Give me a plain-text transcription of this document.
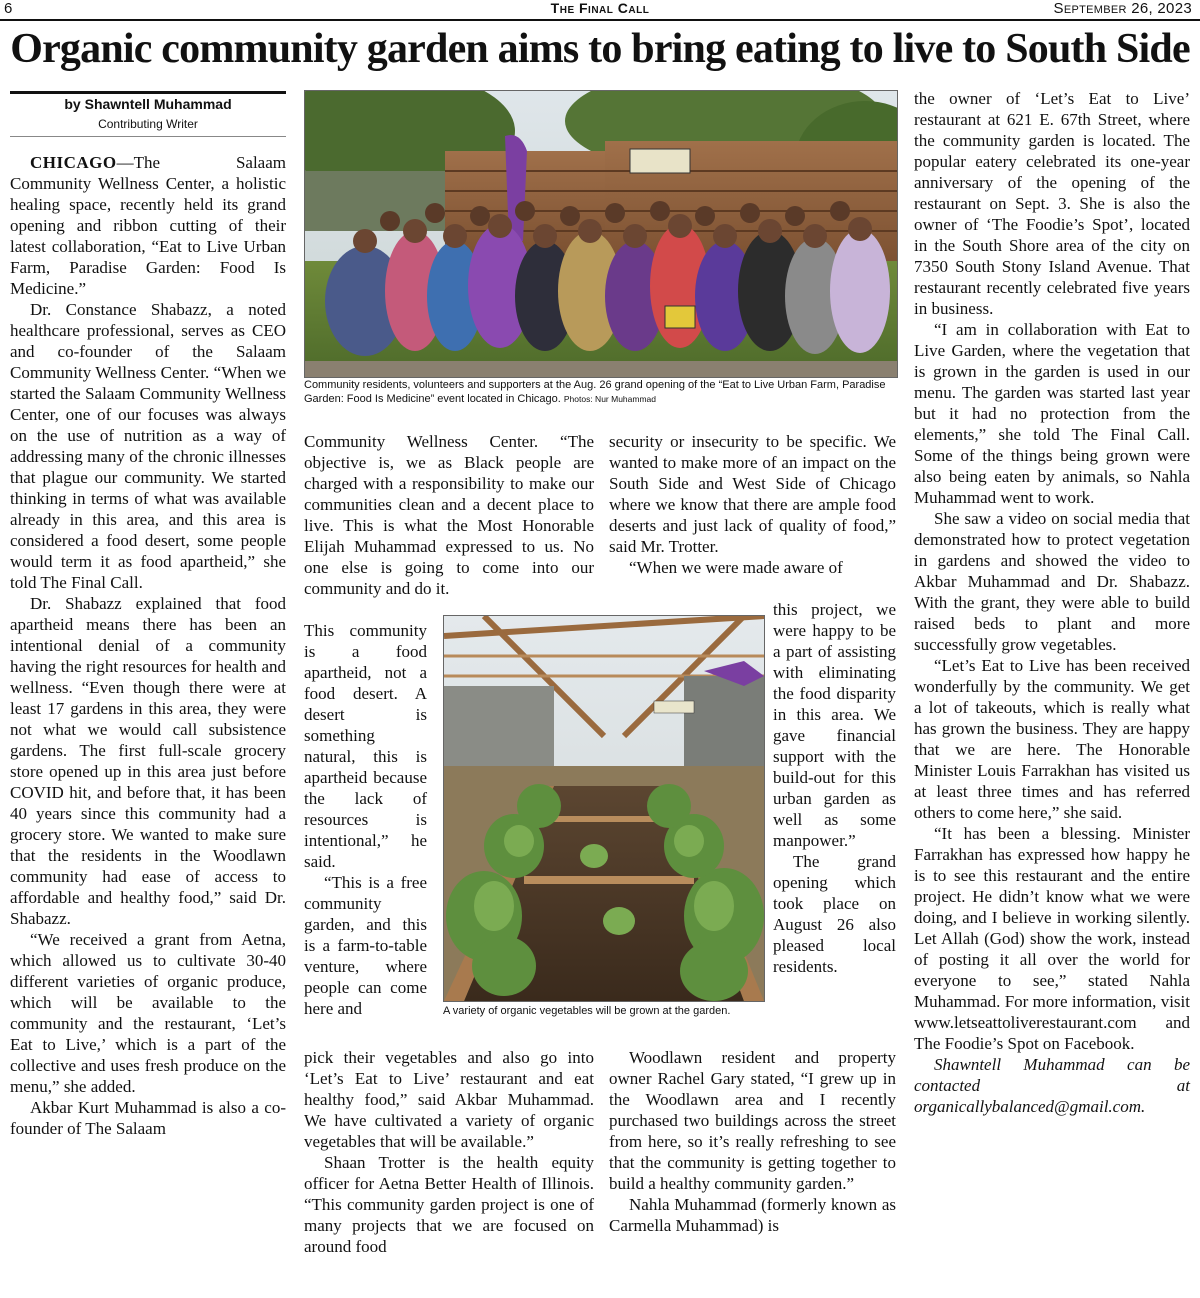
6	The Final Call	September 26, 2023
Organic community garden aims to bring eating to live to South Side
by Shawntell Muhammad
Contributing Writer

CHICAGO—The Salaam Community Wellness Center, a holistic healing space, recently held its grand opening and ribbon cutting of their latest collaboration, “Eat to Live Urban Farm, Paradise Garden: Food Is Medicine.”

Dr. Constance Shabazz, a noted healthcare professional, serves as CEO and co-founder of the Salaam Community Wellness Center. “When we started the Salaam Community Wellness Center, one of our focuses was always on the use of nutrition as a way of addressing many of the chronic illnesses that plague our community. We started thinking in terms of what was available already in this area, and this area is considered a food desert, some people would term it as food apartheid,” she told The Final Call.

Dr. Shabazz explained that food apartheid means there has been an intentional denial of a community having the right resources for health and wellness. “Even though there were at least 17 gardens in this area, they were not what we would call subsistence gardens. The first full-scale grocery store opened up in this area just before COVID hit, and before that, it has been 40 years since this community had a grocery store. We wanted to make sure that the residents in the Woodlawn community had ease of access to affordable and healthy food,” said Dr. Shabazz.

“We received a grant from Aetna, which allowed us to cultivate 30-40 different varieties of organic produce, which will be available to the community and the restaurant, ‘Let’s Eat to Live,’ which is a part of the collective and uses fresh produce on the menu,” she added.

Akbar Kurt Muhammad is also a co-founder of The Salaam

Community residents, volunteers and supporters at the Aug. 26 grand opening of the “Eat to Live Urban Farm, Paradise Garden: Food Is Medicine” event located in Chicago. Photos: Nur Muhammad

Community Wellness Center. “The objective is, we as Black people are charged with a responsibility to make our communities clean and a decent place to live. This is what the Most Honorable Elijah Muhammad expressed to us. No one else is going to come into our community and do it.

This community is a food apartheid, not a food desert. A desert is something natural, this is apartheid because the lack of resources is intentional,” he said.

“This is a free community garden, and this is a farm-to-table venture, where people can come here and

pick their vegetables and also go into ‘Let’s Eat to Live’ restaurant and eat healthy food,” said Akbar Muhammad. We have cultivated a variety of organic vegetables that will be available.”

Shaan Trotter is the health equity officer for Aetna Better Health of Illinois. “This community garden project is one of many projects that we are focused on around food

security or insecurity to be specific. We wanted to make more of an impact on the South Side and West Side of Chicago where we know that there are ample food deserts and just lack of quality of food,” said Mr. Trotter.

“When we were made aware of

this project, we were happy to be a part of assisting with eliminating the food disparity in this area. We gave financial support with the build-out for this urban garden as well as some manpower.”

The grand opening which took place on August 26 also pleased local residents.

Woodlawn resident and property owner Rachel Gary stated, “I grew up in the Woodlawn area and I recently purchased two buildings across the street from here, so it’s really refreshing to see that the community is getting together to build a healthy community garden.”

Nahla Muhammad (formerly known as Carmella Muhammad) is

A variety of organic vegetables will be grown at the garden.

the owner of ‘Let’s Eat to Live’ restaurant at 621 E. 67th Street, where the community garden is located. The popular eatery celebrated its one-year anniversary of the opening of the restaurant on Sept. 3. She is also the owner of ‘The Foodie’s Spot’, located in the South Shore area of the city on 7350 South Stony Island Avenue. That restaurant recently celebrated five years in business.

“I am in collaboration with Eat to Live Garden, where the vegetation that is grown in the garden is used in our menu. The garden was started last year but it had no protection from the elements,” she told The Final Call. Some of the things being grown were also being eaten by animals, so Nahla Muhammad went to work.

She saw a video on social media that demonstrated how to protect vegetation in gardens and showed the video to Akbar Muhammad and Dr. Shabazz. With the grant, they were able to build raised beds to plant and more successfully grow vegetables.

“Let’s Eat to Live has been received wonderfully by the community. We get a lot of takeouts, which is really what has grown the business. They are happy that we are here. The Honorable Minister Louis Farrakhan has visited us at least three times and has referred others to come here,” she said.

“It has been a blessing. Minister Farrakhan has expressed how happy he is to see this restaurant and the entire project. He didn’t know what we were doing, and I believe in working silently. Let Allah (God) show the work, instead of posting it all over the world for everyone to see,” stated Nahla Muhammad. For more information, visit www.letseattoliverestaurant.com and The Foodie’s Spot on Facebook.

Shawntell Muhammad can be contacted at organicallybalanced@gmail.com.
